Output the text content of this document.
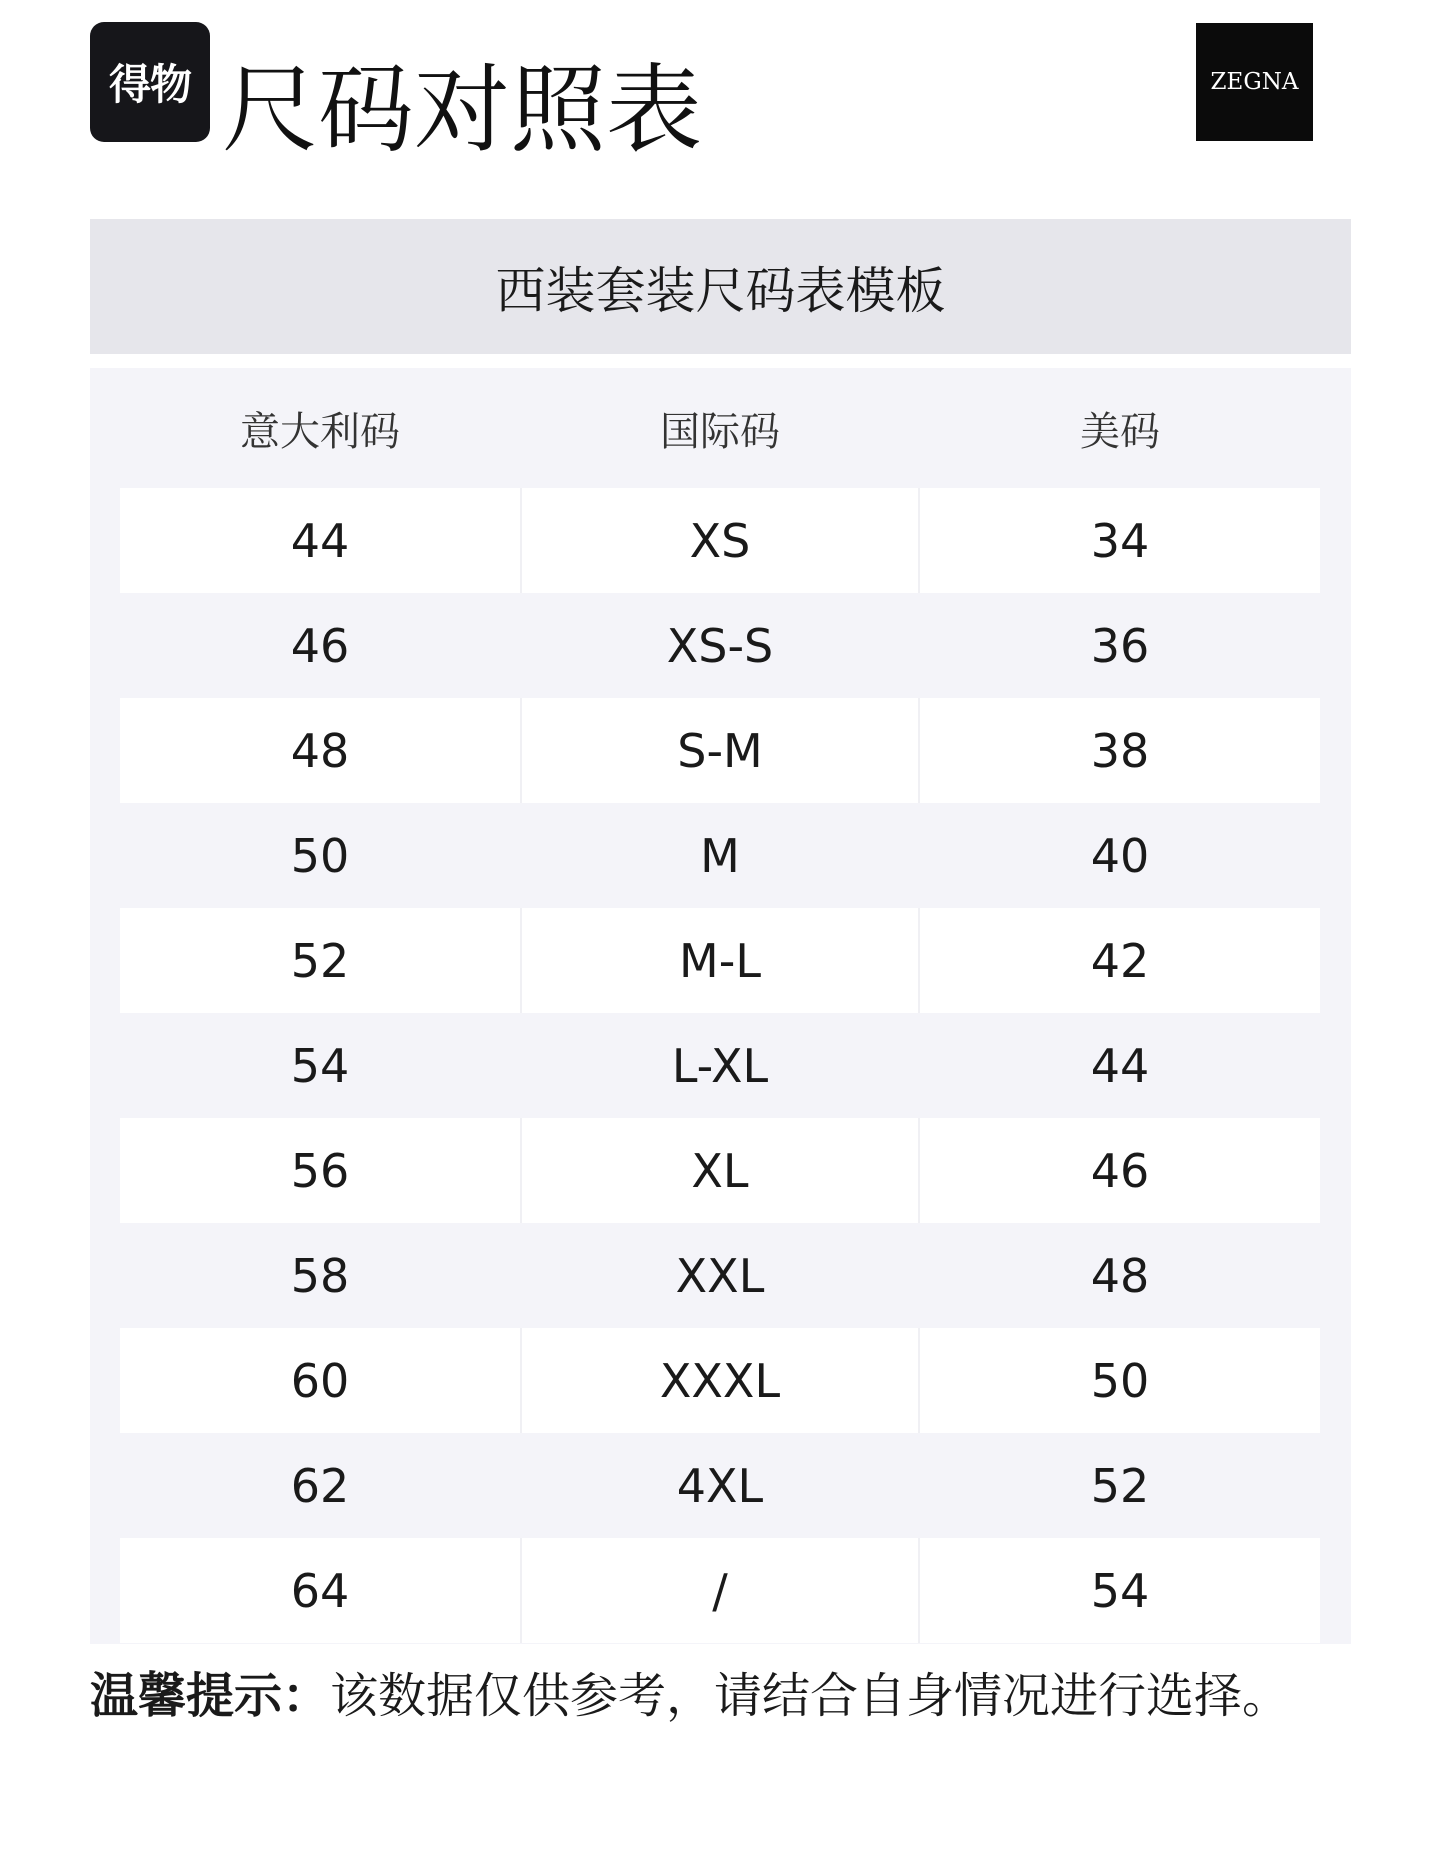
得物 尺码对照表	ZEGNA
西装套装尺码表模板
意大利码	国际码	美码
44	XS	34
46	XS-S	36
48	S-M	38
50	M	40
52	M-L	42
54	L-XL	44
56	XL	46
58	XXL	48
60	XXXL	50
62	4XL	52
64	/	54
温馨提示：该数据仅供参考，请结合自身情况进行选择。
